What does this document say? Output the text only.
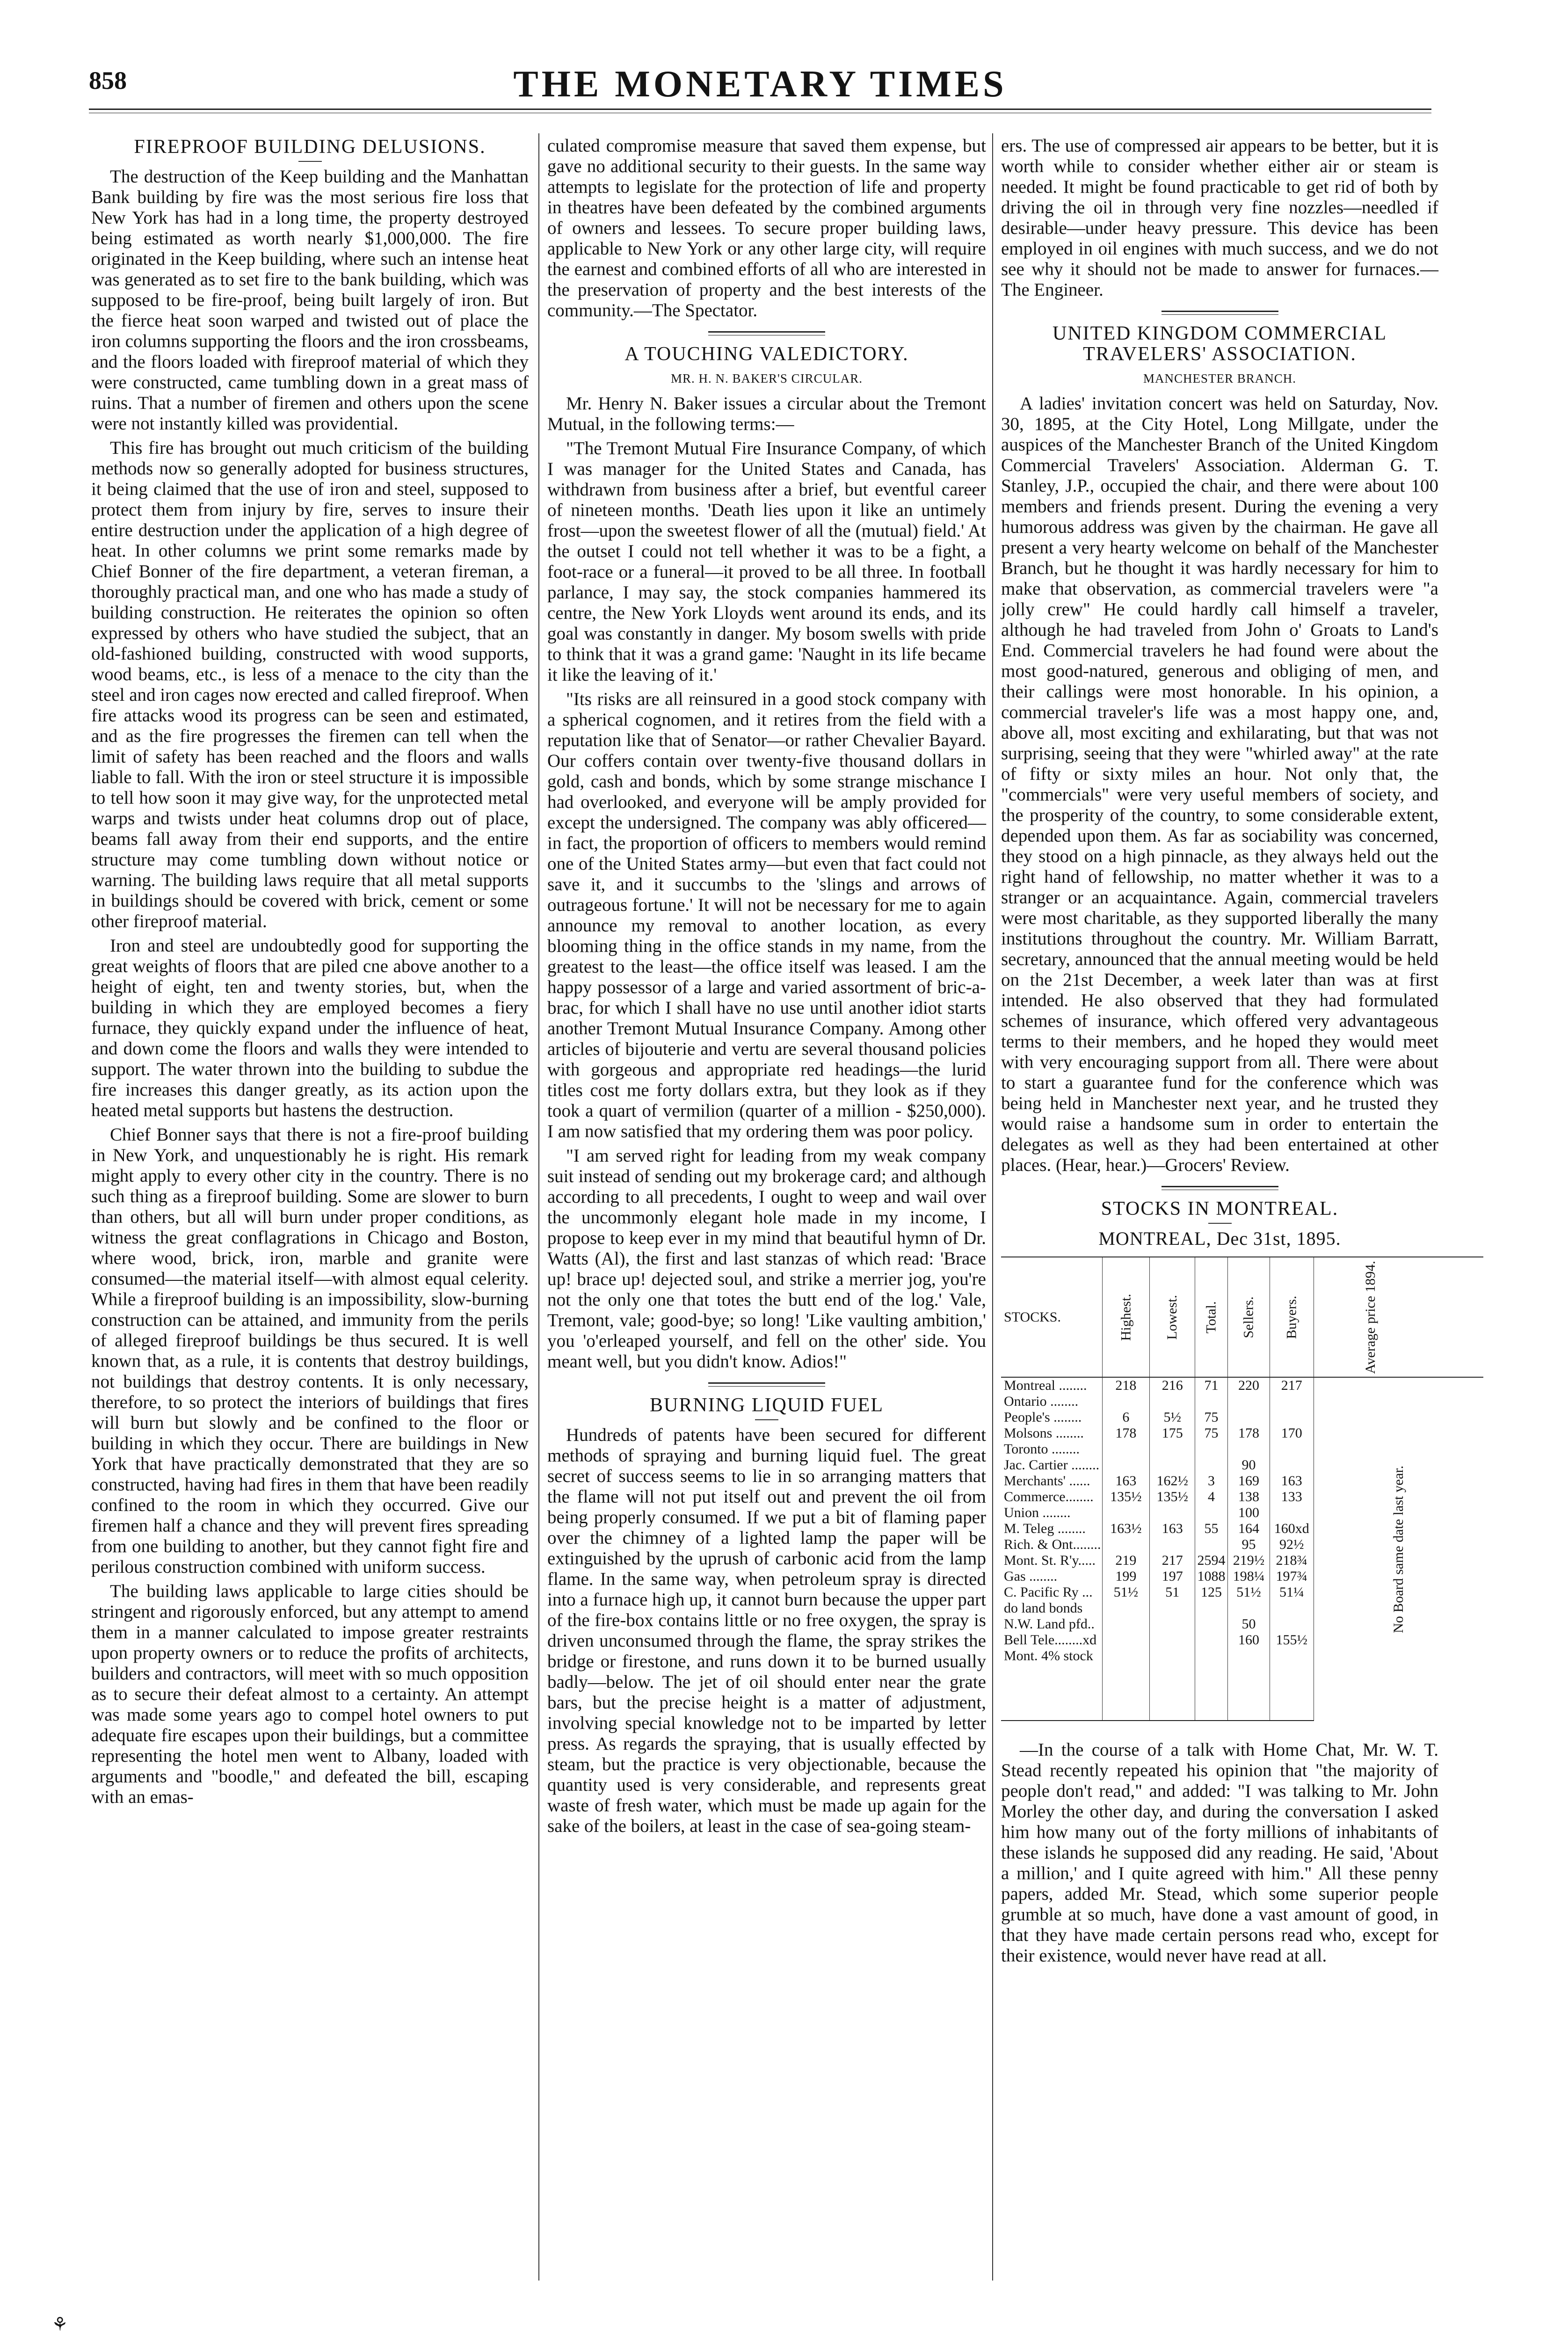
858	THE MONETARY TIMES
FIREPROOF BUILDING DELUSIONS.

The destruction of the Keep building and the Manhattan Bank building by fire was the most serious fire loss that New York has had in a long time, the property destroyed being estimated as worth nearly $1,000,000. The fire originated in the Keep building, where such an intense heat was generated as to set fire to the bank building, which was supposed to be fire-proof, being built largely of iron. But the fierce heat soon warped and twisted out of place the iron columns supporting the floors and the iron crossbeams, and the floors loaded with fireproof material of which they were constructed, came tumbling down in a great mass of ruins. That a number of firemen and others upon the scene were not instantly killed was providential.

This fire has brought out much criticism of the building methods now so generally adopted for business structures, it being claimed that the use of iron and steel, supposed to protect them from injury by fire, serves to insure their entire destruction under the application of a high degree of heat. In other columns we print some remarks made by Chief Bonner of the fire department, a veteran fireman, a thoroughly practical man, and one who has made a study of building construction. He reiterates the opinion so often expressed by others who have studied the subject, that an old-fashioned building, constructed with wood supports, wood beams, etc., is less of a menace to the city than the steel and iron cages now erected and called fireproof. When fire attacks wood its progress can be seen and estimated, and as the fire progresses the firemen can tell when the limit of safety has been reached and the floors and walls liable to fall. With the iron or steel structure it is impossible to tell how soon it may give way, for the unprotected metal warps and twists under heat columns drop out of place, beams fall away from their end supports, and the entire structure may come tumbling down without notice or warning. The building laws require that all metal supports in buildings should be covered with brick, cement or some other fireproof material.

Iron and steel are undoubtedly good for supporting the great weights of floors that are piled cne above another to a height of eight, ten and twenty stories, but, when the building in which they are employed becomes a fiery furnace, they quickly expand under the influence of heat, and down come the floors and walls they were intended to support. The water thrown into the building to subdue the fire increases this danger greatly, as its action upon the heated metal supports but hastens the destruction.

Chief Bonner says that there is not a fire-proof building in New York, and unquestionably he is right. His remark might apply to every other city in the country. There is no such thing as a fireproof building. Some are slower to burn than others, but all will burn under proper conditions, as witness the great conflagrations in Chicago and Boston, where wood, brick, iron, marble and granite were consumed—the material itself—with almost equal celerity. While a fireproof building is an impossibility, slow-burning construction can be attained, and immunity from the perils of alleged fireproof buildings be thus secured. It is well known that, as a rule, it is contents that destroy buildings, not buildings that destroy contents. It is only necessary, therefore, to so protect the interiors of buildings that fires will burn but slowly and be confined to the floor or building in which they occur. There are buildings in New York that have practically demonstrated that they are so constructed, having had fires in them that have been readily confined to the room in which they occurred. Give our firemen half a chance and they will prevent fires spreading from one building to another, but they cannot fight fire and perilous construction combined with uniform success.

The building laws applicable to large cities should be stringent and rigorously enforced, but any attempt to amend them in a manner calculated to impose greater restraints upon property owners or to reduce the profits of architects, builders and contractors, will meet with so much opposition as to secure their defeat almost to a certainty. An attempt was made some years ago to compel hotel owners to put adequate fire escapes upon their buildings, but a committee representing the hotel men went to Albany, loaded with arguments and "boodle," and defeated the bill, escaping with an emas-

culated compromise measure that saved them expense, but gave no additional security to their guests. In the same way attempts to legislate for the protection of life and property in theatres have been defeated by the combined arguments of owners and lessees. To secure proper building laws, applicable to New York or any other large city, will require the earnest and combined efforts of all who are interested in the preservation of property and the best interests of the community.—The Spectator.

A TOUCHING VALEDICTORY.
MR. H. N. BAKER'S CIRCULAR.

Mr. Henry N. Baker issues a circular about the Tremont Mutual, in the following terms:—

"The Tremont Mutual Fire Insurance Company, of which I was manager for the United States and Canada, has withdrawn from business after a brief, but eventful career of nineteen months. 'Death lies upon it like an untimely frost—upon the sweetest flower of all the (mutual) field.' At the outset I could not tell whether it was to be a fight, a foot-race or a funeral—it proved to be all three. In football parlance, I may say, the stock companies hammered its centre, the New York Lloyds went around its ends, and its goal was constantly in danger. My bosom swells with pride to think that it was a grand game: 'Naught in its life became it like the leaving of it.'

"Its risks are all reinsured in a good stock company with a spherical cognomen, and it retires from the field with a reputation like that of Senator—or rather Chevalier Bayard. Our coffers contain over twenty-five thousand dollars in gold, cash and bonds, which by some strange mischance I had overlooked, and everyone will be amply provided for except the undersigned. The company was ably officered—in fact, the proportion of officers to members would remind one of the United States army—but even that fact could not save it, and it succumbs to the 'slings and arrows of outrageous fortune.' It will not be necessary for me to again announce my removal to another location, as every blooming thing in the office stands in my name, from the greatest to the least—the office itself was leased. I am the happy possessor of a large and varied assortment of bric-a-brac, for which I shall have no use until another idiot starts another Tremont Mutual Insurance Company. Among other articles of bijouterie and vertu are several thousand policies with gorgeous and appropriate red headings—the lurid titles cost me forty dollars extra, but they look as if they took a quart of vermilion (quarter of a million - $250,000). I am now satisfied that my ordering them was poor policy.

"I am served right for leading from my weak company suit instead of sending out my brokerage card; and although according to all precedents, I ought to weep and wail over the uncommonly elegant hole made in my income, I propose to keep ever in my mind that beautiful hymn of Dr. Watts (Al), the first and last stanzas of which read: 'Brace up! brace up! dejected soul, and strike a merrier jog, you're not the only one that totes the butt end of the log.' Vale, Tremont, vale; good-bye; so long! 'Like vaulting ambition,' you 'o'erleaped yourself, and fell on the other' side. You meant well, but you didn't know. Adios!"

BURNING LIQUID FUEL

Hundreds of patents have been secured for different methods of spraying and burning liquid fuel. The great secret of success seems to lie in so arranging matters that the flame will not put itself out and prevent the oil from being properly consumed. If we put a bit of flaming paper over the chimney of a lighted lamp the paper will be extinguished by the uprush of carbonic acid from the lamp flame. In the same way, when petroleum spray is directed into a furnace high up, it cannot burn because the upper part of the fire-box contains little or no free oxygen, the spray is driven unconsumed through the flame, the spray strikes the bridge or firestone, and runs down it to be burned usually badly—below. The jet of oil should enter near the grate bars, but the precise height is a matter of adjustment, involving special knowledge not to be imparted by letter press. As regards the spraying, that is usually effected by steam, but the practice is very objectionable, because the quantity used is very considerable, and represents great waste of fresh water, which must be made up again for the sake of the boilers, at least in the case of sea-going steam-

ers. The use of compressed air appears to be better, but it is worth while to consider whether either air or steam is needed. It might be found practicable to get rid of both by driving the oil in through very fine nozzles—needled if desirable—under heavy pressure. This device has been employed in oil engines with much success, and we do not see why it should not be made to answer for furnaces.—The Engineer.

UNITED KINGDOM COMMERCIAL TRAVELERS' ASSOCIATION.
MANCHESTER BRANCH.

A ladies' invitation concert was held on Saturday, Nov. 30, 1895, at the City Hotel, Long Millgate, under the auspices of the Manchester Branch of the United Kingdom Commercial Travelers' Association. Alderman G. T. Stanley, J.P., occupied the chair, and there were about 100 members and friends present. During the evening a very humorous address was given by the chairman. He gave all present a very hearty welcome on behalf of the Manchester Branch, but he thought it was hardly necessary for him to make that observation, as commercial travelers were "a jolly crew" He could hardly call himself a traveler, although he had traveled from John o' Groats to Land's End. Commercial travelers he had found were about the most good-natured, generous and obliging of men, and their callings were most honorable. In his opinion, a commercial traveler's life was a most happy one, and, above all, most exciting and exhilarating, but that was not surprising, seeing that they were "whirled away" at the rate of fifty or sixty miles an hour. Not only that, the "commercials" were very useful members of society, and the prosperity of the country, to some considerable extent, depended upon them. As far as sociability was concerned, they stood on a high pinnacle, as they always held out the right hand of fellowship, no matter whether it was to a stranger or an acquaintance. Again, commercial travelers were most charitable, as they supported liberally the many institutions throughout the country. Mr. William Barratt, secretary, announced that the annual meeting would be held on the 21st December, a week later than was at first intended. He also observed that they had formulated schemes of insurance, which offered very advantageous terms to their members, and he hoped they would meet with very encouraging support from all. There were about to start a guarantee fund for the conference which was being held in Manchester next year, and he trusted they would raise a handsome sum in order to entertain the delegates as well as they had been entertained at other places. (Hear, hear.)—Grocers' Review.

STOCKS IN MONTREAL.
MONTREAL, Dec 31st, 1895.
STOCKS.	Highest.	Lowest.	Total.	Sellers.	Buyers.	Average price 1894.
Montreal ........	218	216	71	220	217	No Board same date last year.
Ontario ........						
People's ........	6	5½	75			
Molsons ........	178	175	75	178	170	
Toronto ........						
Jac. Cartier ........				90		
Merchants' ......	163	162½	3	169	163	
Commerce........	135½	135½	4	138	133	
Union ........				100		
M. Teleg ........	163½	163	55	164	160xd	
Rich. & Ont........				95	92½	
Mont. St. R'y.....	219	217	2594	219½	218¾	
Gas ........	199	197	1088	198¼	197¾	
C. Pacific Ry ...	51½	51	125	51½	51¼	
do land bonds						
N.W. Land pfd..				50		
Bell Tele........xd				160	155½	
Mont. 4% stock						

—In the course of a talk with Home Chat, Mr. W. T. Stead recently repeated his opinion that "the majority of people don't read," and added: "I was talking to Mr. John Morley the other day, and during the conversation I asked him how many out of the forty millions of inhabitants of these islands he supposed did any reading. He said, 'About a million,' and I quite agreed with him." All these penny papers, added Mr. Stead, which some superior people grumble at so much, have done a vast amount of good, in that they have made certain persons read who, except for their existence, would never have read at all.

⚘
